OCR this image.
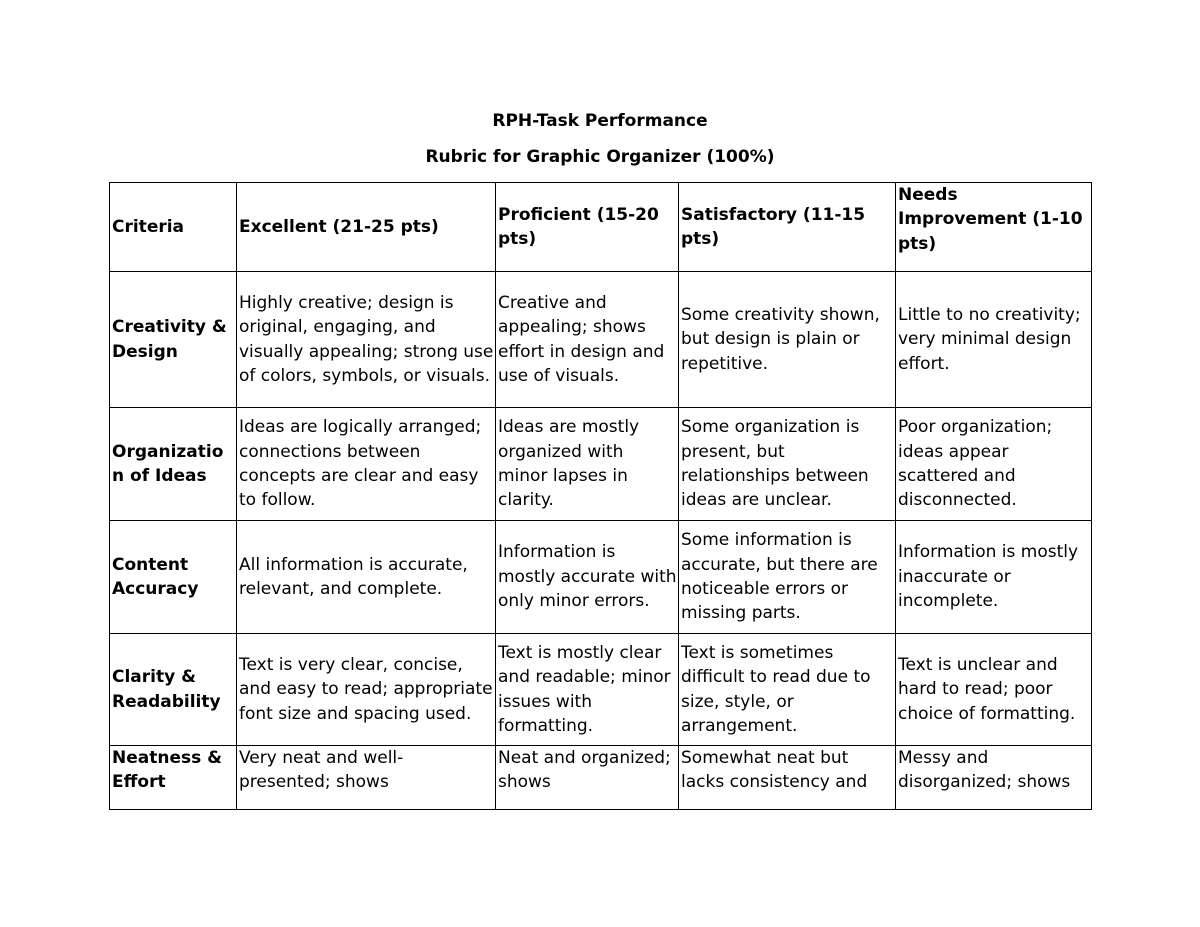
RPH-Task Performance
Rubric for Graphic Organizer (100%)
Criteria	Excellent (21-25 pts)	Proficient (15-20 pts)	Satisfactory (11-15 pts)	Needs Improvement (1-10 pts)
Creativity & Design	Highly creative; design is original, engaging, and visually appealing; strong use of colors, symbols, or visuals.	Creative and appealing; shows effort in design and use of visuals.	Some creativity shown, but design is plain or repetitive.	Little to no creativity; very minimal design effort.
Organization of Ideas	Ideas are logically arranged; connections between concepts are clear and easy to follow.	Ideas are mostly organized with minor lapses in clarity.	Some organization is present, but relationships between ideas are unclear.	Poor organization; ideas appear scattered and disconnected.
Content Accuracy	All information is accurate, relevant, and complete.	Information is mostly accurate with only minor errors.	Some information is accurate, but there are noticeable errors or missing parts.	Information is mostly inaccurate or incomplete.
Clarity & Readability	Text is very clear, concise, and easy to read; appropriate font size and spacing used.	Text is mostly clear and readable; minor issues with formatting.	Text is sometimes difficult to read due to size, style, or arrangement.	Text is unclear and hard to read; poor choice of formatting.
Neatness & Effort	Very neat and well-presented; shows	Neat and organized; shows	Somewhat neat but lacks consistency and	Messy and disorganized; shows
